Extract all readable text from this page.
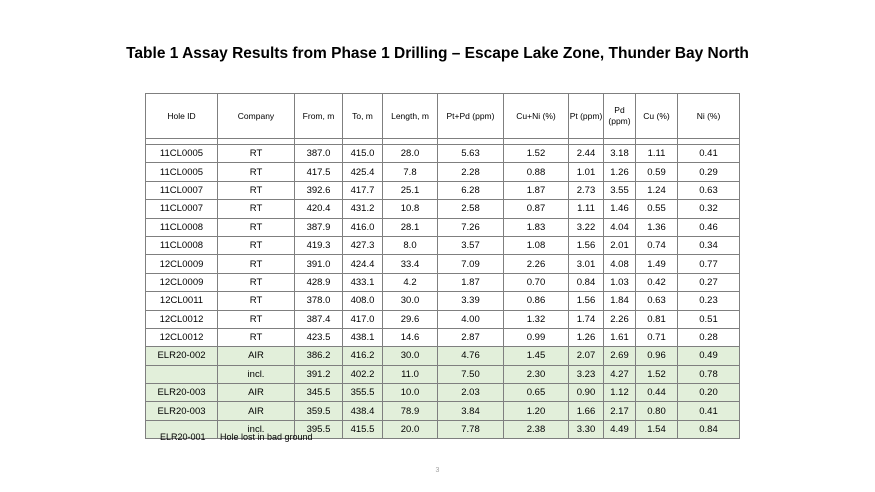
Table 1 Assay Results from Phase 1 Drilling – Escape Lake Zone, Thunder Bay North
Hole ID	Company	From, m	To, m	Length, m	Pt+Pd (ppm)	Cu+Ni (%)	Pt (ppm)	Pd (ppm)	Cu (%)	Ni (%)

11CL0005	RT	387.0	415.0	28.0	5.63	1.52	2.44	3.18	1.11	0.41
11CL0005	RT	417.5	425.4	7.8	2.28	0.88	1.01	1.26	0.59	0.29
11CL0007	RT	392.6	417.7	25.1	6.28	1.87	2.73	3.55	1.24	0.63
11CL0007	RT	420.4	431.2	10.8	2.58	0.87	1.11	1.46	0.55	0.32
11CL0008	RT	387.9	416.0	28.1	7.26	1.83	3.22	4.04	1.36	0.46
11CL0008	RT	419.3	427.3	8.0	3.57	1.08	1.56	2.01	0.74	0.34
12CL0009	RT	391.0	424.4	33.4	7.09	2.26	3.01	4.08	1.49	0.77
12CL0009	RT	428.9	433.1	4.2	1.87	0.70	0.84	1.03	0.42	0.27
12CL0011	RT	378.0	408.0	30.0	3.39	0.86	1.56	1.84	0.63	0.23
12CL0012	RT	387.4	417.0	29.6	4.00	1.32	1.74	2.26	0.81	0.51
12CL0012	RT	423.5	438.1	14.6	2.87	0.99	1.26	1.61	0.71	0.28
ELR20-002	AIR	386.2	416.2	30.0	4.76	1.45	2.07	2.69	0.96	0.49
	incl.	391.2	402.2	11.0	7.50	2.30	3.23	4.27	1.52	0.78
ELR20-003	AIR	345.5	355.5	10.0	2.03	0.65	0.90	1.12	0.44	0.20
ELR20-003	AIR	359.5	438.4	78.9	3.84	1.20	1.66	2.17	0.80	0.41
	incl.	395.5	415.5	20.0	7.78	2.38	3.30	4.49	1.54	0.84
ELR20-001 Hole lost in bad ground
3
